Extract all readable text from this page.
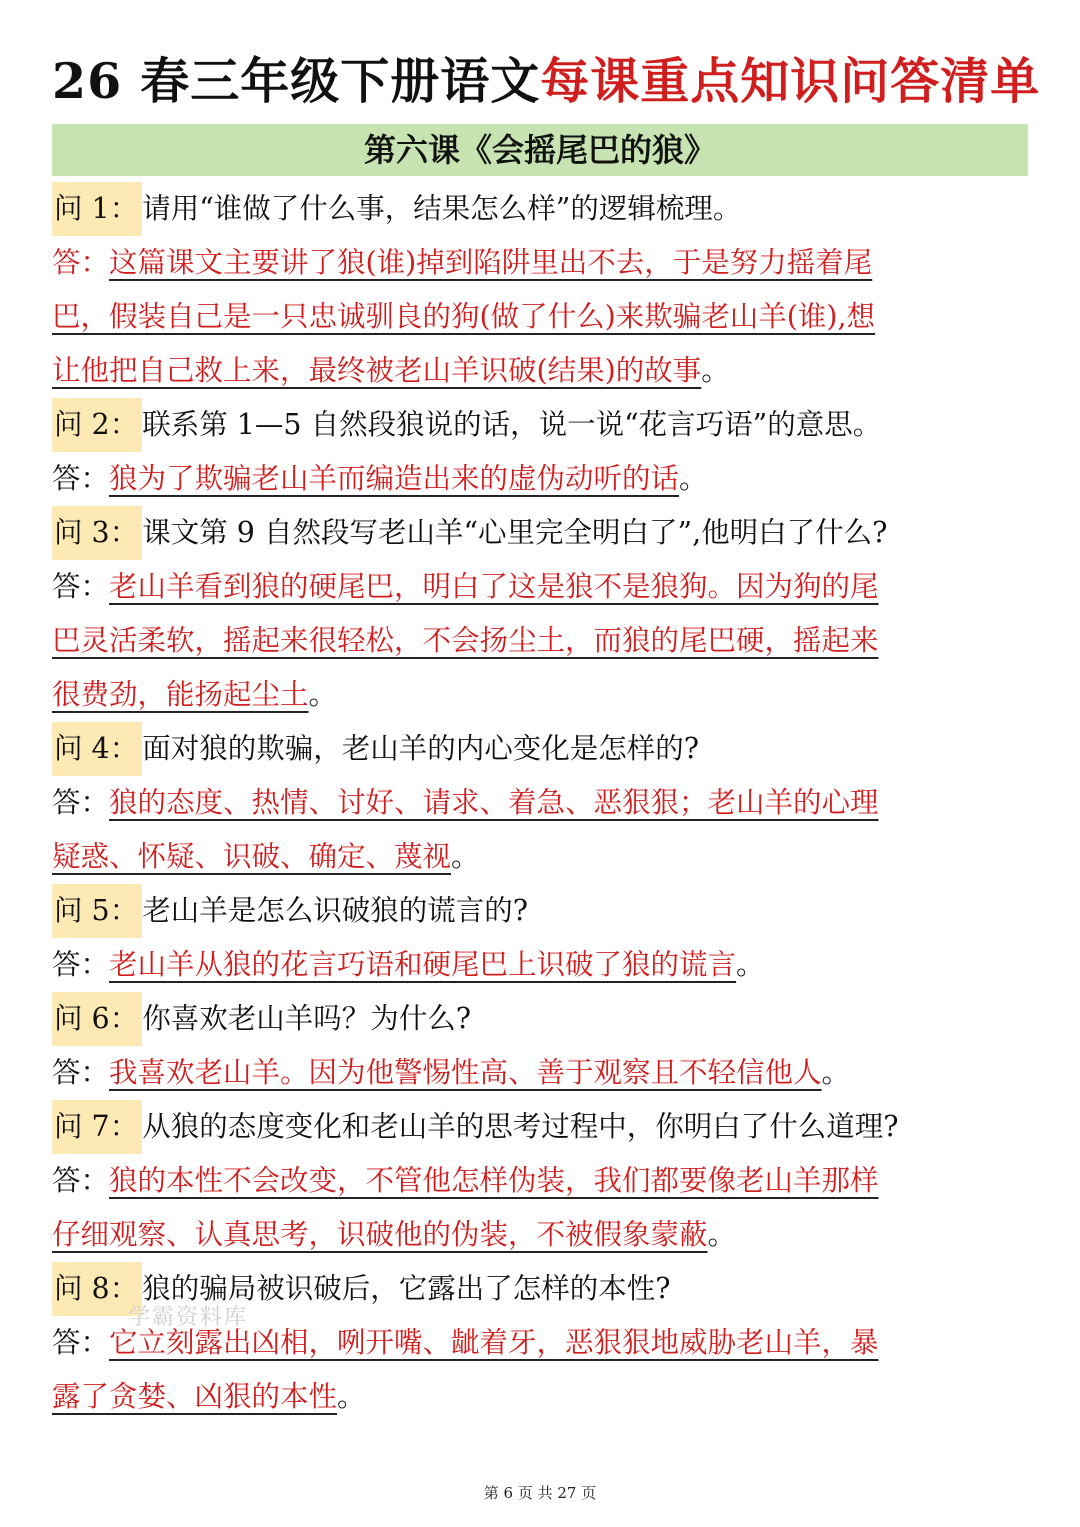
26 春三年级下册语文每课重点知识问答清单
第六课《会摇尾巴的狼》
问 1： 请用“谁做了什么事，结果怎么样”的逻辑梳理。
答：这篇课文主要讲了狼(谁)掉到陷阱里出不去，于是努力摇着尾
巴，假装自己是一只忠诚驯良的狗(做了什么)来欺骗老山羊(谁),想
让他把自己救上来，最终被老山羊识破(结果)的故事。
问 2： 联系第 1—5 自然段狼说的话，说一说“花言巧语”的意思。
答：狼为了欺骗老山羊而编造出来的虚伪动听的话。
问 3： 课文第 9 自然段写老山羊“心里完全明白了”,他明白了什么?
答：老山羊看到狼的硬尾巴，明白了这是狼不是狼狗。因为狗的尾
巴灵活柔软，摇起来很轻松，不会扬尘土，而狼的尾巴硬，摇起来
很费劲，能扬起尘土。
问 4： 面对狼的欺骗，老山羊的内心变化是怎样的?
答：狼的态度、热情、讨好、请求、着急、恶狠狠；老山羊的心理
疑惑、怀疑、识破、确定、蔑视。
问 5： 老山羊是怎么识破狼的谎言的?
答：老山羊从狼的花言巧语和硬尾巴上识破了狼的谎言。
问 6： 你喜欢老山羊吗？为什么?
答：我喜欢老山羊。因为他警惕性高、善于观察且不轻信他人。
问 7： 从狼的态度变化和老山羊的思考过程中，你明白了什么道理?
答：狼的本性不会改变，不管他怎样伪装，我们都要像老山羊那样
仔细观察、认真思考，识破他的伪装，不被假象蒙蔽。
问 8： 狼的骗局被识破后，它露出了怎样的本性?
答：它立刻露出凶相，咧开嘴、龇着牙，恶狠狠地威胁老山羊，暴
露了贪婪、凶狠的本性。
学霸资料库
第 6 页 共 27 页
